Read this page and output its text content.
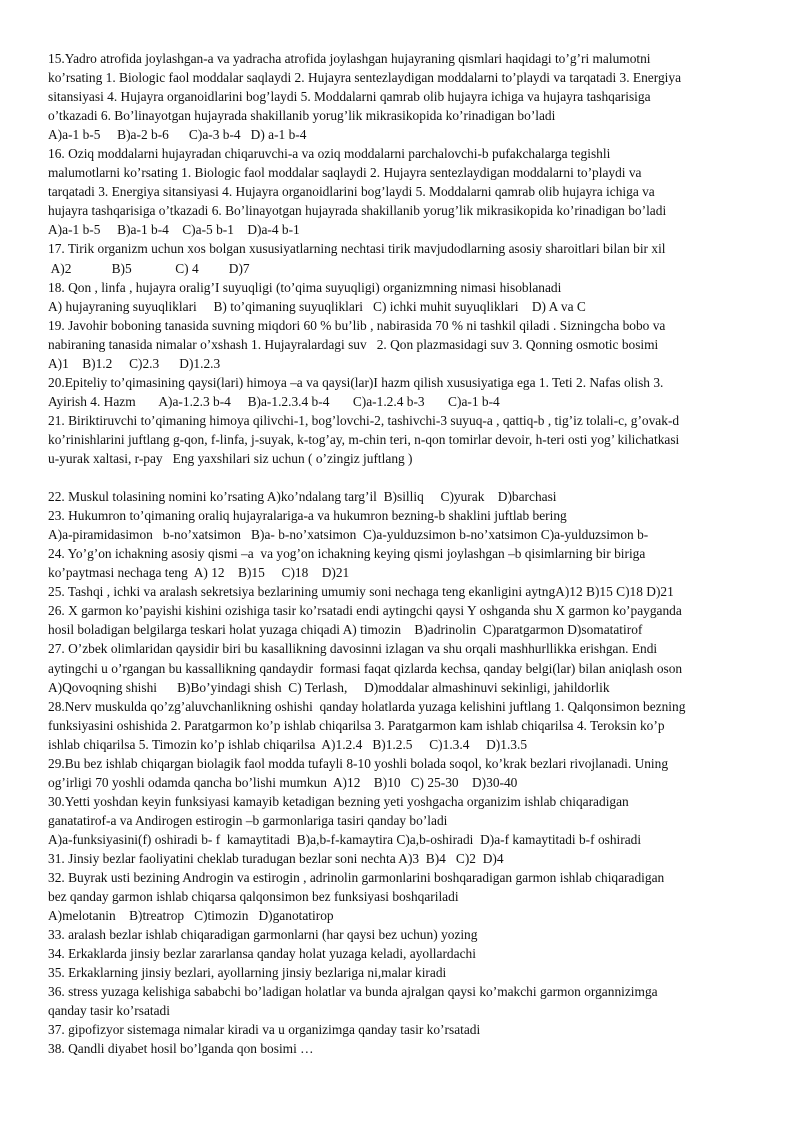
15.Yadro atrofida joylashgan-a va yadracha atrofida joylashgan hujayraning qismlari haqidagi to’g’ri malumotni
ko’rsating 1. Biologic faol moddalar saqlaydi 2. Hujayra sentezlaydigan moddalarni to’playdi va tarqatadi 3. Energiya
sitansiyasi 4. Hujayra organoidlarini bog’laydi 5. Moddalarni qamrab olib hujayra ichiga va hujayra tashqarisiga
o’tkazadi 6. Bo’linayotgan hujayrada shakillanib yorug’lik mikrasikopida ko’rinadigan bo’ladi
A)a-1 b-5     B)a-2 b-6      C)a-3 b-4   D) a-1 b-4
16. Oziq moddalarni hujayradan chiqaruvchi-a va oziq moddalarni parchalovchi-b pufakchalarga tegishli
malumotlarni ko’rsating 1. Biologic faol moddalar saqlaydi 2. Hujayra sentezlaydigan moddalarni to’playdi va
tarqatadi 3. Energiya sitansiyasi 4. Hujayra organoidlarini bog’laydi 5. Moddalarni qamrab olib hujayra ichiga va
hujayra tashqarisiga o’tkazadi 6. Bo’linayotgan hujayrada shakillanib yorug’lik mikrasikopida ko’rinadigan bo’ladi
A)a-1 b-5     B)a-1 b-4    C)a-5 b-1    D)a-4 b-1
17. Tirik organizm uchun xos bolgan xususiyatlarning nechtasi tirik mavjudodlarning asosiy sharoitlari bilan bir xil
A)2            B)5             C) 4         D)7
18. Qon , linfa , hujayra oralig’I suyuqligi (to’qima suyuqligi) organizmning nimasi hisoblanadi
A) hujayraning suyuqliklari     B) to’qimaning suyuqliklari   C) ichki muhit suyuqliklari    D) A va C
19. Javohir boboning tanasida suvning miqdori 60 % bu’lib , nabirasida 70 % ni tashkil qiladi . Sizningcha bobo va
nabiraning tanasida nimalar o’xshash 1. Hujayralardagi suv   2. Qon plazmasidagi suv 3. Qonning osmotic bosimi
A)1    B)1.2     C)2.3      D)1.2.3
20.Epiteliy to’qimasining qaysi(lari) himoya –a va qaysi(lar)I hazm qilish xususiyatiga ega 1. Teti 2. Nafas olish 3.
Ayirish 4. Hazm       A)a-1.2.3 b-4     B)a-1.2.3.4 b-4       C)a-1.2.4 b-3       C)a-1 b-4
21. Biriktiruvchi to’qimaning himoya qilivchi-1, bog’lovchi-2, tashivchi-3 suyuq-a , qattiq-b , tig’iz tolali-c, g’ovak-d
ko’rinishlarini juftlang g-qon, f-linfa, j-suyak, k-tog’ay, m-chin teri, n-qon tomirlar devoir, h-teri osti yog’ kilichatkasi
u-yurak xaltasi, r-pay   Eng yaxshilari siz uchun ( o’zingiz juftlang )
22. Muskul tolasining nomini ko’rsating A)ko’ndalang targ’il  B)silliq     C)yurak    D)barchasi
23. Hukumron to’qimaning oraliq hujayralariga-a va hukumron bezning-b shaklini juftlab bering
A)a-piramidasimon   b-no’xatsimon   B)a- b-no’xatsimon  C)a-yulduzsimon b-no’xatsimon C)a-yulduzsimon b-
24. Yo’g’on ichakning asosiy qismi –a  va yog’on ichakning keying qismi joylashgan –b qisimlarning bir biriga
ko’paytmasi nechaga teng  A) 12    B)15     C)18    D)21
25. Tashqi , ichki va aralash sekretsiya bezlarining umumiy soni nechaga teng ekanligini aytngA)12 B)15 C)18 D)21
26. X garmon ko’payishi kishini ozishiga tasir ko’rsatadi endi aytingchi qaysi Y oshganda shu X garmon ko’payganda
hosil boladigan belgilarga teskari holat yuzaga chiqadi A) timozin    B)adrinolin  C)paratgarmon D)somatatirof
27. O’zbek olimlaridan qaysidir biri bu kasallikning davosinni izlagan va shu orqali mashhurllikka erishgan. Endi
aytingchi u o’rgangan bu kassallikning qandaydir  formasi faqat qizlarda kechsa, qanday belgi(lar) bilan aniqlash oson
A)Qovoqning shishi      B)Bo’yindagi shish  C) Terlash,     D)moddalar almashinuvi sekinligi, jahildorlik
28.Nerv muskulda qo’zg’aluvchanlikning oshishi  qanday holatlarda yuzaga kelishini juftlang 1. Qalqonsimon bezning
funksiyasini oshishida 2. Paratgarmon ko’p ishlab chiqarilsa 3. Paratgarmon kam ishlab chiqarilsa 4. Teroksin ko’p
ishlab chiqarilsa 5. Timozin ko’p ishlab chiqarilsa  A)1.2.4   B)1.2.5     C)1.3.4     D)1.3.5
29.Bu bez ishlab chiqargan biolagik faol modda tufayli 8-10 yoshli bolada soqol, ko’krak bezlari rivojlanadi. Uning
og’irligi 70 yoshli odamda qancha bo’lishi mumkun  A)12    B)10   C) 25-30    D)30-40
30.Yetti yoshdan keyin funksiyasi kamayib ketadigan bezning yeti yoshgacha organizim ishlab chiqaradigan
ganatatirof-a va Andirogen estirogin –b garmonlariga tasiri qanday bo’ladi
A)a-funksiyasini(f) oshiradi b- f  kamaytitadi  B)a,b-f-kamaytira C)a,b-oshiradi  D)a-f kamaytitadi b-f oshiradi
31. Jinsiy bezlar faoliyatini cheklab turadugan bezlar soni nechta A)3  B)4   C)2  D)4
32. Buyrak usti bezining Androgin va estirogin , adrinolin garmonlarini boshqaradigan garmon ishlab chiqaradigan
bez qanday garmon ishlab chiqarsa qalqonsimon bez funksiyasi boshqariladi
A)melotanin    B)treatrop   C)timozin   D)ganotatirop
33. aralash bezlar ishlab chiqaradigan garmonlarni (har qaysi bez uchun) yozing
34. Erkaklarda jinsiy bezlar zararlansa qanday holat yuzaga keladi, ayollardachi
35. Erkaklarning jinsiy bezlari, ayollarning jinsiy bezlariga ni,malar kiradi
36. stress yuzaga kelishiga sababchi bo’ladigan holatlar va bunda ajralgan qaysi ko’makchi garmon organnizimga
qanday tasir ko’rsatadi
37. gipofizyor sistemaga nimalar kiradi va u organizimga qanday tasir ko’rsatadi
38. Qandli diyabet hosil bo’lganda qon bosimi …
